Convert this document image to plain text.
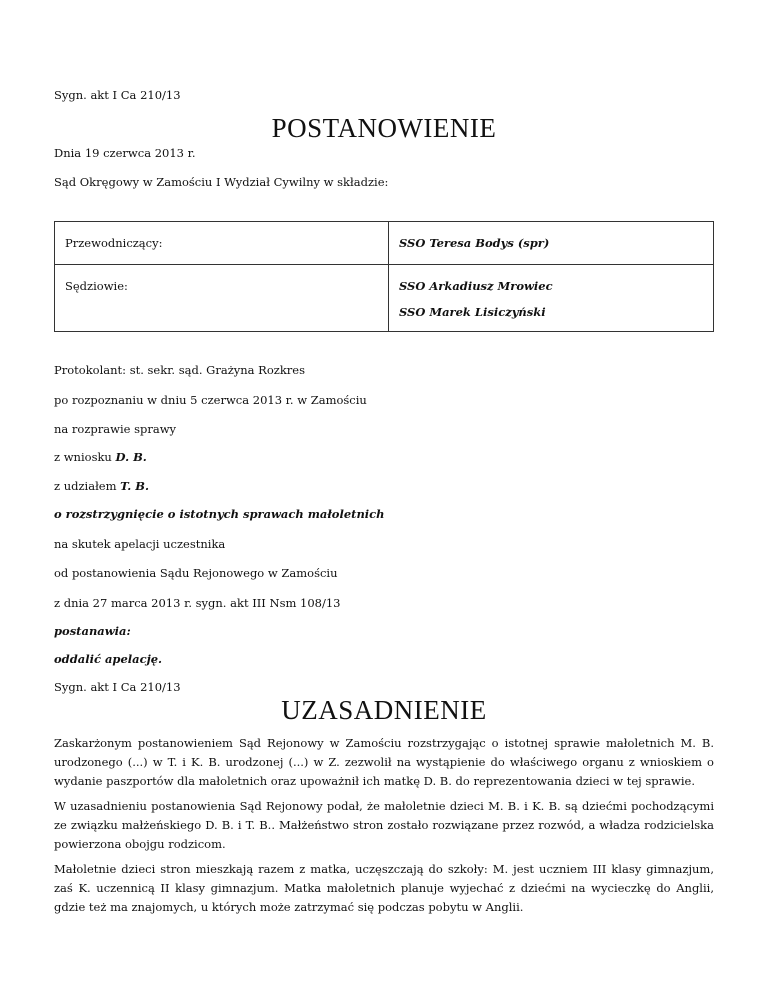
Sygn. akt I Ca 210/13
POSTANOWIENIE
Dnia 19 czerwca 2013 r.
Sąd Okręgowy w Zamościu I Wydział Cywilny w składzie:
Przewodniczący:	SSO Teresa Bodys (spr)

Sędziowie:	SSO Arkadiusz Mrowiec
SSO Marek Lisiczyński
Protokolant: st. sekr. sąd. Grażyna Rozkres
po rozpoznaniu w dniu 5 czerwca 2013 r. w Zamościu
na rozprawie sprawy
z wniosku D. B.
z udziałem T. B.
o rozstrzygnięcie o istotnych sprawach małoletnich
na skutek apelacji uczestnika
od postanowienia Sądu Rejonowego w Zamościu
z dnia 27 marca 2013 r. sygn. akt III Nsm 108/13
postanawia:
oddalić apelację.
Sygn. akt I Ca 210/13
UZASADNIENIE
Zaskarżonym postanowieniem Sąd Rejonowy w Zamościu rozstrzygając o istotnej sprawie małoletnich M. B. urodzonego (...) w T. i K. B. urodzonej (...) w Z. zezwolił na wystąpienie do właściwego organu z wnioskiem o wydanie paszportów dla małoletnich oraz upoważnił ich matkę D. B. do reprezentowania dzieci w tej sprawie.
W uzasadnieniu postanowienia Sąd Rejonowy podał, że małoletnie dzieci M. B. i K. B. są dziećmi pochodzącymi ze związku małżeńskiego D. B. i T. B.. Małżeństwo stron zostało rozwiązane przez rozwód, a władza rodzicielska powierzona obojgu rodzicom.
Małoletnie dzieci stron mieszkają razem z matka, uczęszczają do szkoły: M. jest uczniem III klasy gimnazjum, zaś K. uczennicą II klasy gimnazjum. Matka małoletnich planuje wyjechać z dziećmi na wycieczkę do Anglii, gdzie też ma znajomych, u których może zatrzymać się podczas pobytu w Anglii.
